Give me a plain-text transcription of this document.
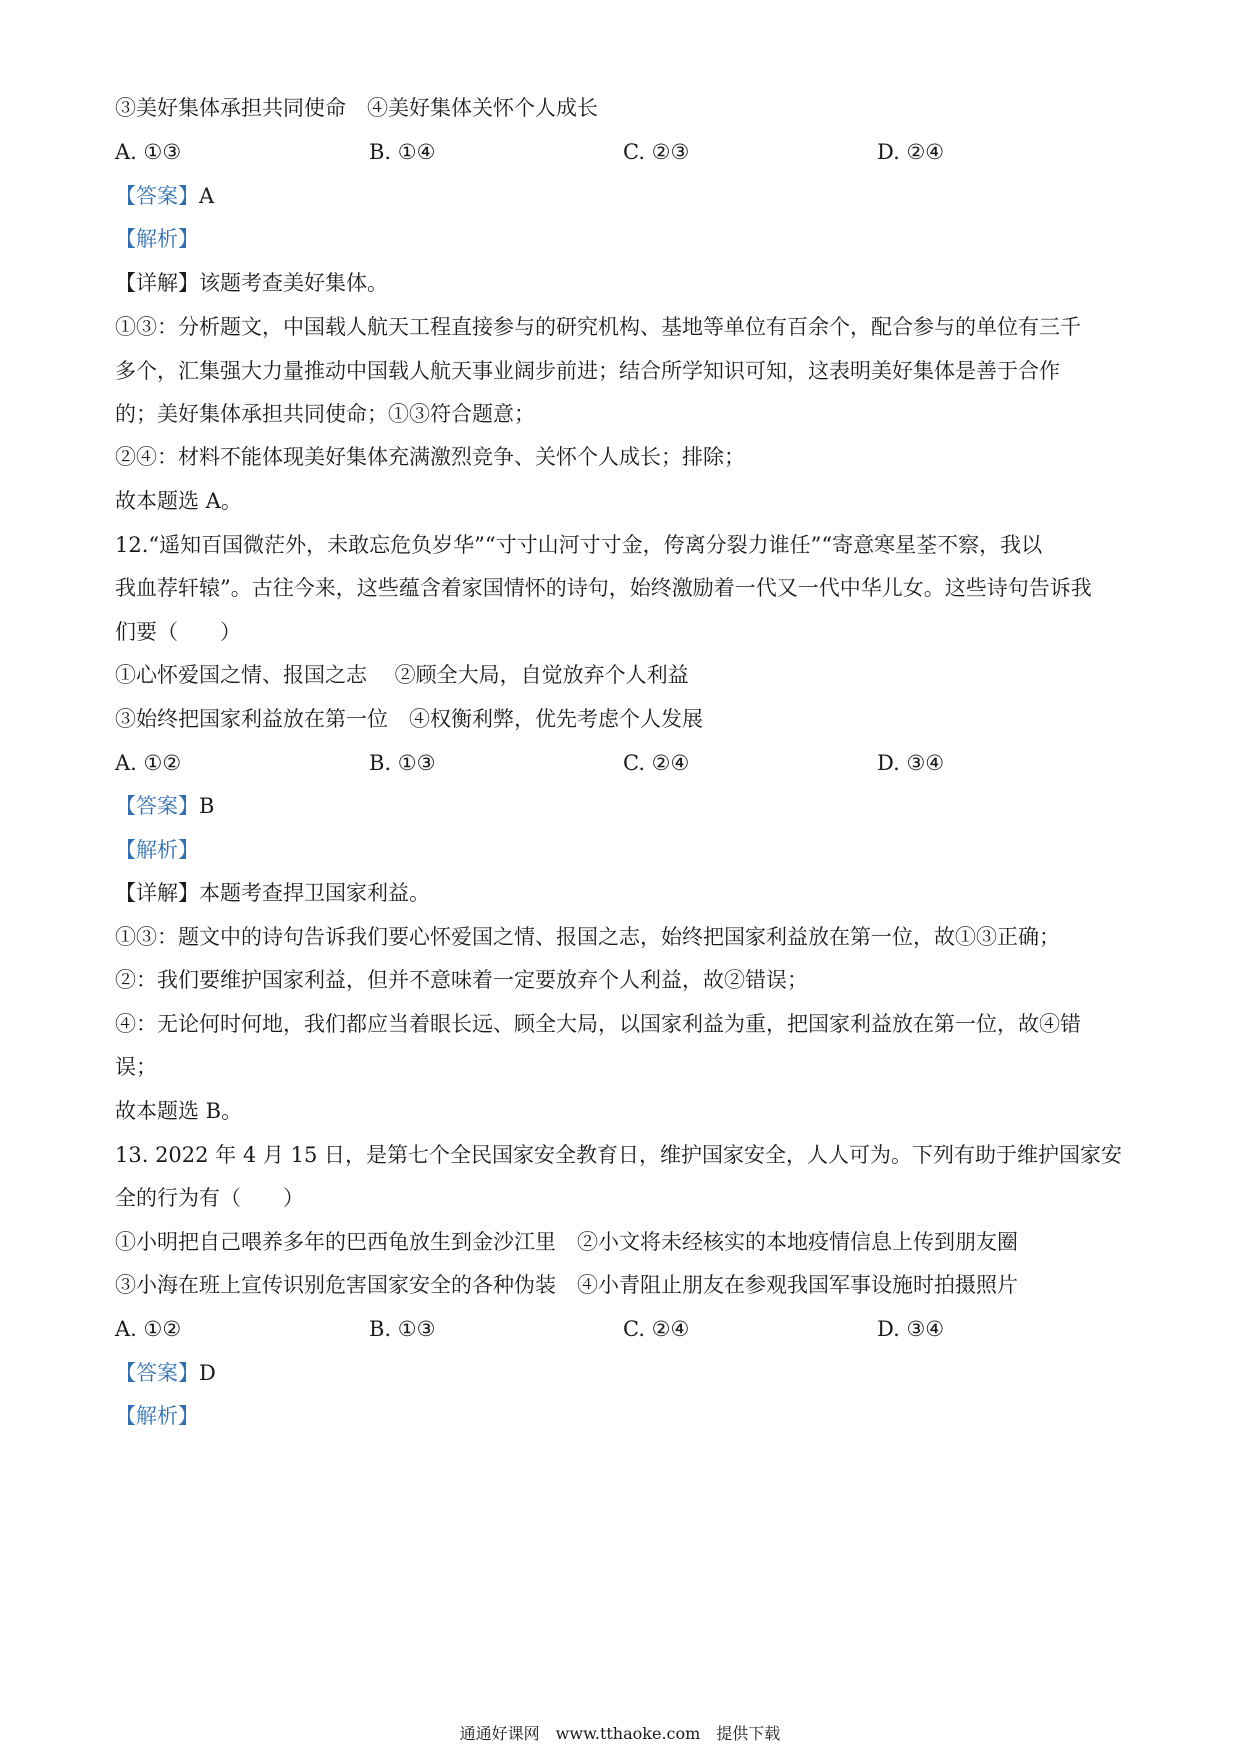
③美好集体承担共同使命　④美好集体关怀个人成长
A. ①③	B. ①④	C. ②③	D. ②④
【答案】A
【解析】
【详解】该题考查美好集体。
①③：分析题文，中国载人航天工程直接参与的研究机构、基地等单位有百余个，配合参与的单位有三千
多个，汇集强大力量推动中国载人航天事业阔步前进；结合所学知识可知，这表明美好集体是善于合作
的；美好集体承担共同使命；①③符合题意；
②④：材料不能体现美好集体充满激烈竞争、关怀个人成长；排除；
故本题选 A。
12.“遥知百国微茫外，未敢忘危负岁华”“寸寸山河寸寸金，侉离分裂力谁任”“寄意寒星荃不察，我以
我血荐轩辕”。古往今来，这些蕴含着家国情怀的诗句，始终激励着一代又一代中华儿女。这些诗句告诉我
们要（　　）
①心怀爱国之情、报国之志　 ②顾全大局，自觉放弃个人利益
③始终把国家利益放在第一位　④权衡利弊，优先考虑个人发展
A. ①②	B. ①③	C. ②④	D. ③④
【答案】B
【解析】
【详解】本题考查捍卫国家利益。
①③：题文中的诗句告诉我们要心怀爱国之情、报国之志，始终把国家利益放在第一位，故①③正确；
②：我们要维护国家利益，但并不意味着一定要放弃个人利益，故②错误；
④：无论何时何地，我们都应当着眼长远、顾全大局，以国家利益为重，把国家利益放在第一位，故④错
误；
故本题选 B。
13. 2022 年 4 月 15 日，是第七个全民国家安全教育日，维护国家安全，人人可为。下列有助于维护国家安
全的行为有（　　）
①小明把自己喂养多年的巴西龟放生到金沙江里　②小文将未经核实的本地疫情信息上传到朋友圈
③小海在班上宣传识别危害国家安全的各种伪装　④小青阻止朋友在参观我国军事设施时拍摄照片
A. ①②	B. ①③	C. ②④	D. ③④
【答案】D
【解析】
通通好课网　www.tthaoke.com　提供下载
